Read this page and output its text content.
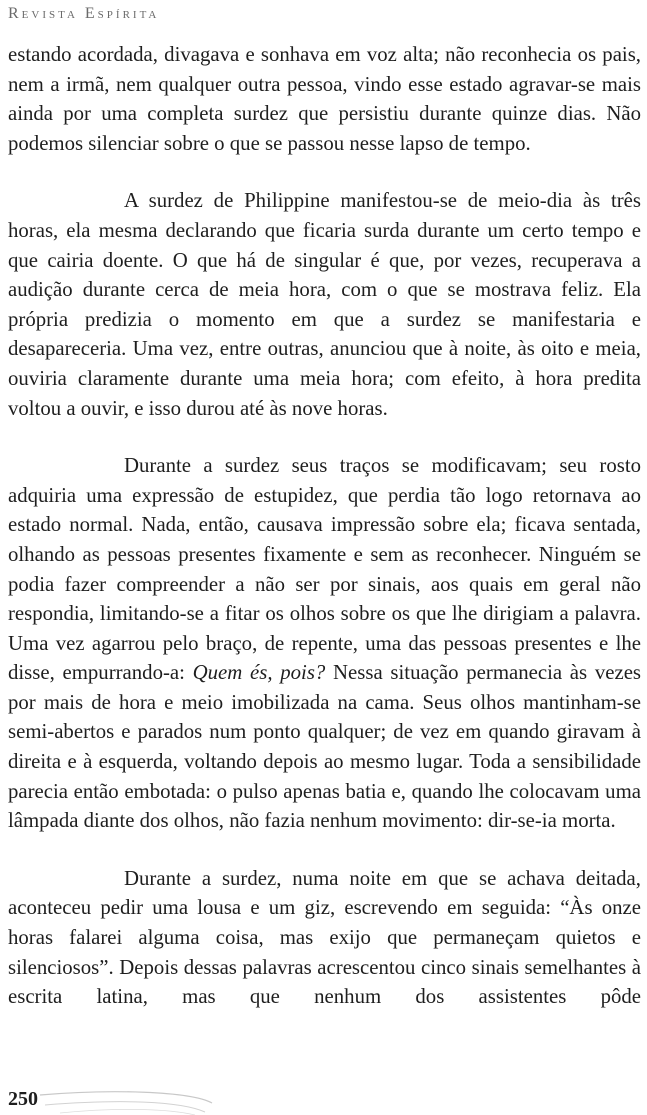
Revista Espírita

estando acordada, divagava e sonhava em voz alta; não reconhecia os pais, nem a irmã, nem qualquer outra pessoa, vindo esse estado agravar-se mais ainda por uma completa surdez que persistiu durante quinze dias. Não podemos silenciar sobre o que se passou nesse lapso de tempo.

A surdez de Philippine manifestou-se de meio-dia às três horas, ela mesma declarando que ficaria surda durante um certo tempo e que cairia doente. O que há de singular é que, por vezes, recuperava a audição durante cerca de meia hora, com o que se mostrava feliz. Ela própria predizia o momento em que a surdez se manifestaria e desapareceria. Uma vez, entre outras, anunciou que à noite, às oito e meia, ouviria claramente durante uma meia hora; com efeito, à hora predita voltou a ouvir, e isso durou até às nove horas.

Durante a surdez seus traços se modificavam; seu rosto adquiria uma expressão de estupidez, que perdia tão logo retornava ao estado normal. Nada, então, causava impressão sobre ela; ficava sentada, olhando as pessoas presentes fixamente e sem as reconhecer. Ninguém se podia fazer compreender a não ser por sinais, aos quais em geral não respondia, limitando-se a fitar os olhos sobre os que lhe dirigiam a palavra. Uma vez agarrou pelo braço, de repente, uma das pessoas presentes e lhe disse, empurrando-a: Quem és, pois? Nessa situação permanecia às vezes por mais de hora e meio imobilizada na cama. Seus olhos mantinham-se semi-abertos e parados num ponto qualquer; de vez em quando giravam à direita e à esquerda, voltando depois ao mesmo lugar. Toda a sensibilidade parecia então embotada: o pulso apenas batia e, quando lhe colocavam uma lâmpada diante dos olhos, não fazia nenhum movimento: dir-se-ia morta.

Durante a surdez, numa noite em que se achava deitada, aconteceu pedir uma lousa e um giz, escrevendo em seguida: “Às onze horas falarei alguma coisa, mas exijo que permaneçam quietos e silenciosos”. Depois dessas palavras acrescentou cinco sinais semelhantes à escrita latina, mas que nenhum dos assistentes pôde

250
